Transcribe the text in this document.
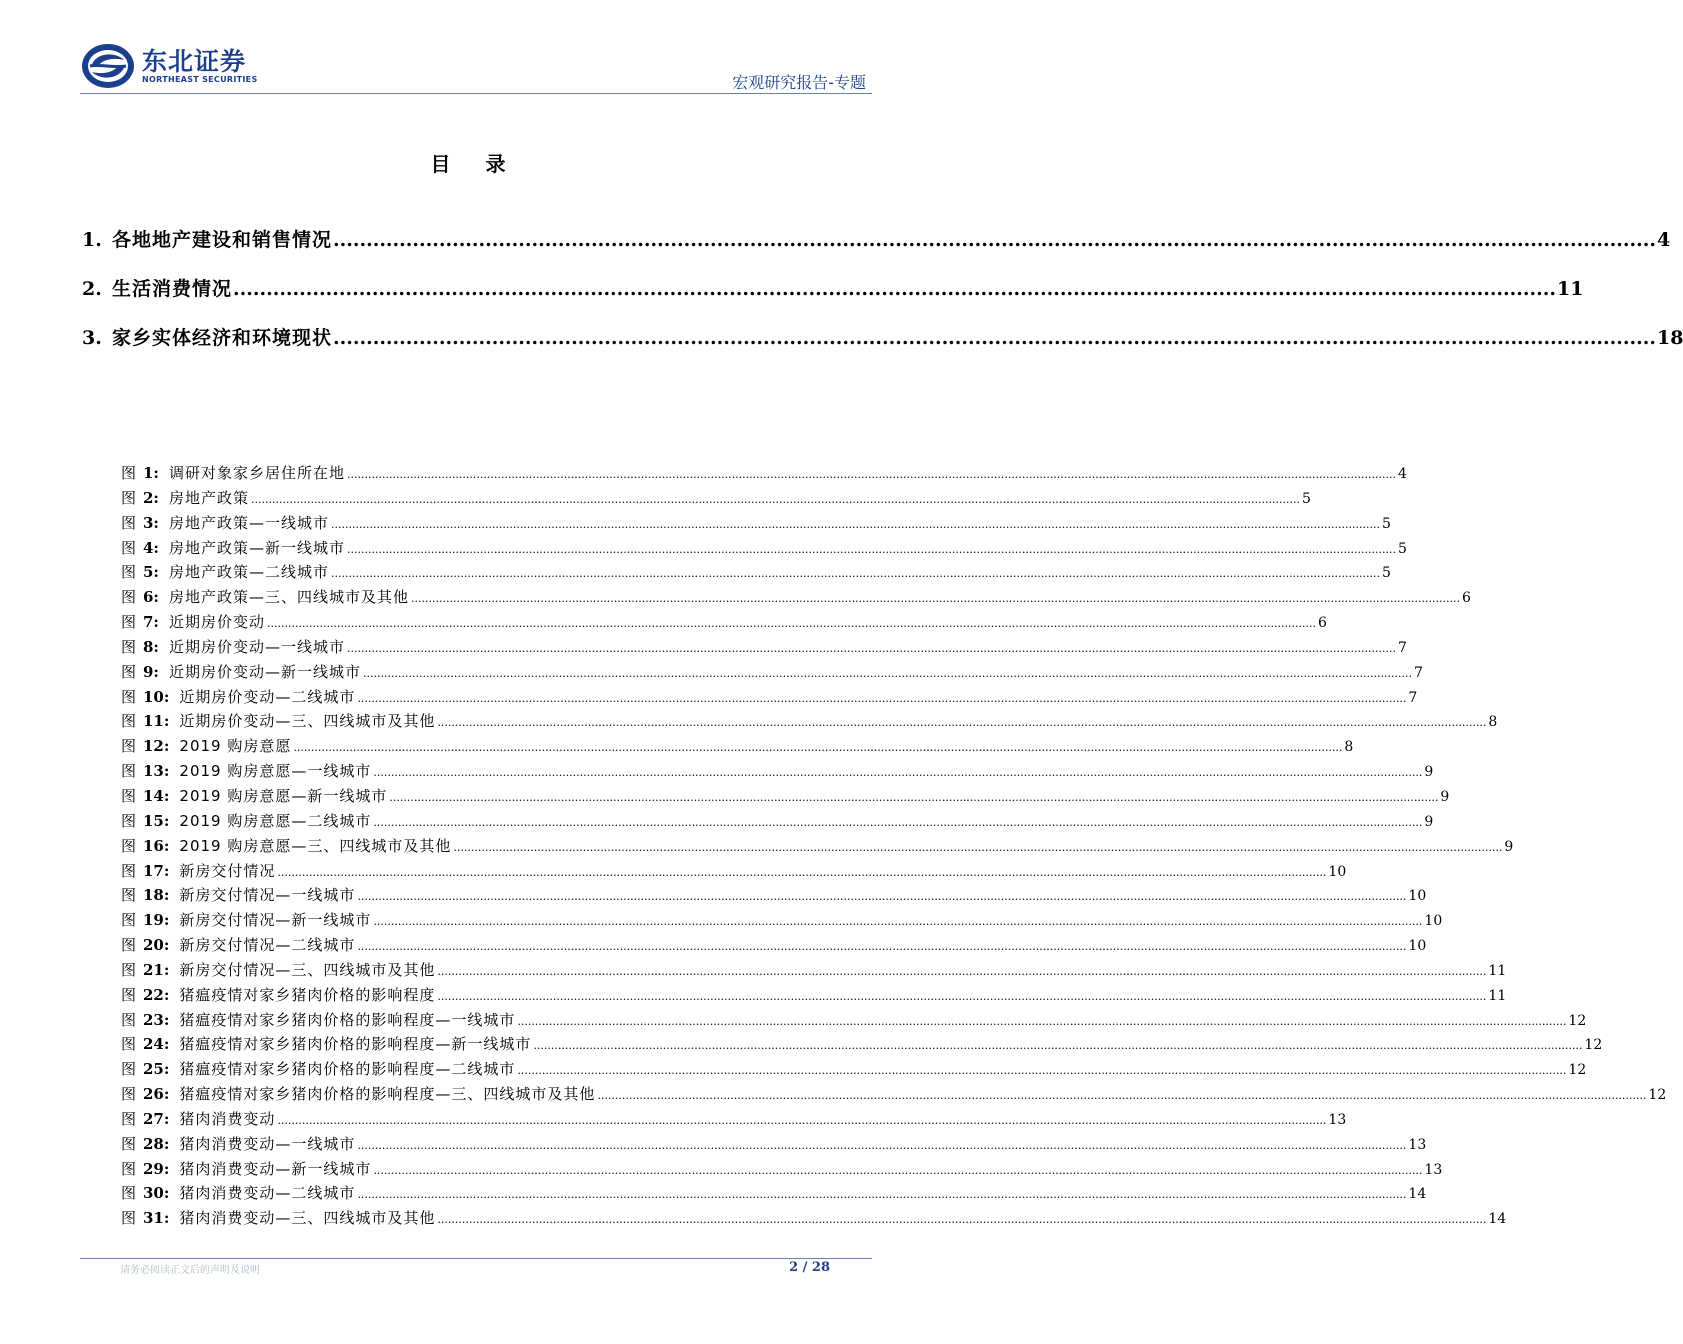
东北证券
NORTHEAST SECURITIES	宏观研究报告-专题
目 录
1. 各地地产建设和销售情况 ........................................................................................................................................................................................................ 4
2. 生活消费情况 ........................................................................................................................................................................................................ 11
3. 家乡实体经济和环境现状 ........................................................................................................................................................................................................ 18
图 1: 调研对象家乡居住所在地 ............................................................................................................................................................................................................................................................................................................ 4
图 2: 房地产政策 ............................................................................................................................................................................................................................................................................................................ 5
图 3: 房地产政策—一线城市 ............................................................................................................................................................................................................................................................................................................ 5
图 4: 房地产政策—新一线城市 ............................................................................................................................................................................................................................................................................................................ 5
图 5: 房地产政策—二线城市 ............................................................................................................................................................................................................................................................................................................ 5
图 6: 房地产政策—三、四线城市及其他 ............................................................................................................................................................................................................................................................................................................ 6
图 7: 近期房价变动 ............................................................................................................................................................................................................................................................................................................ 6
图 8: 近期房价变动—一线城市 ............................................................................................................................................................................................................................................................................................................ 7
图 9: 近期房价变动—新一线城市 ............................................................................................................................................................................................................................................................................................................ 7
图 10: 近期房价变动—二线城市 ............................................................................................................................................................................................................................................................................................................ 7
图 11: 近期房价变动—三、四线城市及其他 ............................................................................................................................................................................................................................................................................................................ 8
图 12: 2019 购房意愿 ............................................................................................................................................................................................................................................................................................................ 8
图 13: 2019 购房意愿—一线城市 ............................................................................................................................................................................................................................................................................................................ 9
图 14: 2019 购房意愿—新一线城市 ............................................................................................................................................................................................................................................................................................................ 9
图 15: 2019 购房意愿—二线城市 ............................................................................................................................................................................................................................................................................................................ 9
图 16: 2019 购房意愿—三、四线城市及其他 ............................................................................................................................................................................................................................................................................................................ 9
图 17: 新房交付情况 ............................................................................................................................................................................................................................................................................................................ 10
图 18: 新房交付情况—一线城市 ............................................................................................................................................................................................................................................................................................................ 10
图 19: 新房交付情况—新一线城市 ............................................................................................................................................................................................................................................................................................................ 10
图 20: 新房交付情况—二线城市 ............................................................................................................................................................................................................................................................................................................ 10
图 21: 新房交付情况—三、四线城市及其他 ............................................................................................................................................................................................................................................................................................................ 11
图 22: 猪瘟疫情对家乡猪肉价格的影响程度 ............................................................................................................................................................................................................................................................................................................ 11
图 23: 猪瘟疫情对家乡猪肉价格的影响程度—一线城市 ............................................................................................................................................................................................................................................................................................................ 12
图 24: 猪瘟疫情对家乡猪肉价格的影响程度—新一线城市 ............................................................................................................................................................................................................................................................................................................ 12
图 25: 猪瘟疫情对家乡猪肉价格的影响程度—二线城市 ............................................................................................................................................................................................................................................................................................................ 12
图 26: 猪瘟疫情对家乡猪肉价格的影响程度—三、四线城市及其他 ............................................................................................................................................................................................................................................................................................................ 12
图 27: 猪肉消费变动 ............................................................................................................................................................................................................................................................................................................ 13
图 28: 猪肉消费变动—一线城市 ............................................................................................................................................................................................................................................................................................................ 13
图 29: 猪肉消费变动—新一线城市 ............................................................................................................................................................................................................................................................................................................ 13
图 30: 猪肉消费变动—二线城市 ............................................................................................................................................................................................................................................................................................................ 14
图 31: 猪肉消费变动—三、四线城市及其他 ............................................................................................................................................................................................................................................................................................................ 14
请务必阅读正文后的声明及说明	2 / 28
